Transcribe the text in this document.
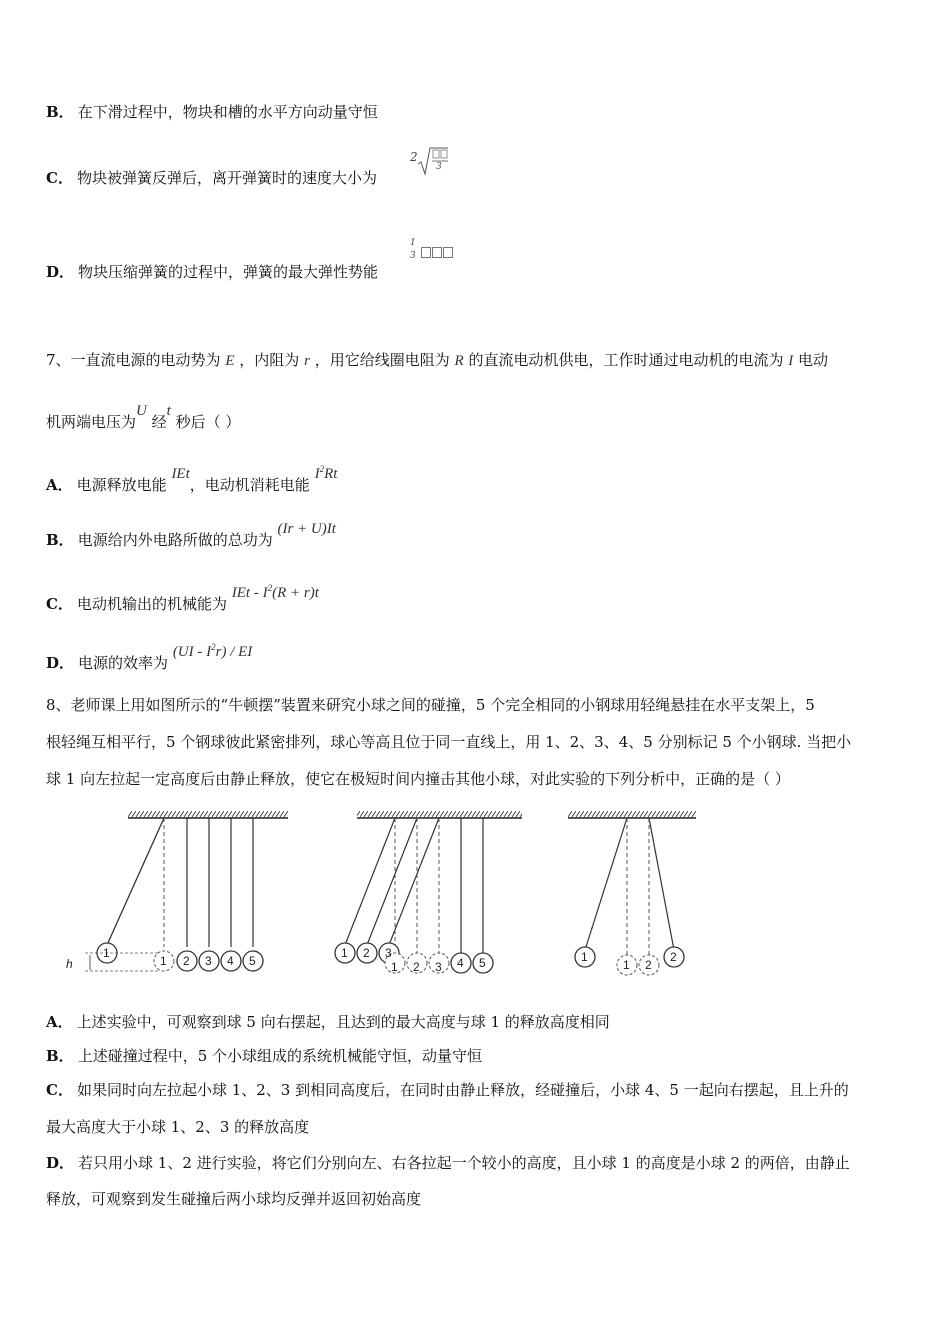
B． 在下滑过程中，物块和槽的水平方向动量守恒
C． 物块被弹簧反弹后，离开弹簧时的速度大小为
2
3
D． 物块压缩弹簧的过程中，弹簧的最大弹性势能
1
3
7、一直流电源的电动势为 E ，内阻为 r ，用它给线圈电阻为 R 的直流电动机供电，工作时通过电动机的电流为 I 电动
机两端电压为U 经t 秒后（ ）
A． 电源释放电能 IEt，电动机消耗电能 $I^2Rt$
B． 电源给内外电路所做的总功为 (Ir + U)It
C． 电动机输出的机械能为 IEt - $I^2(R + r)t$
D． 电源的效率为 $(UI - I^2r)$ / EI
8、老师课上用如图所示的“牛顿摆”装置来研究小球之间的碰撞，5 个完全相同的小钢球用轻绳悬挂在水平支架上，5
根轻绳互相平行，5 个钢球彼此紧密排列，球心等高且位于同一直线上，用 1、2、3、4、5 分别标记 5 个小钢球. 当把小
球 1 向左拉起一定高度后由静止释放，使它在极短时间内撞击其他小球，对此实验的下列分析中，正确的是（ ）
h
1
1 2 3 4 5
1 2 3
1 2 3 4 5	1
1 2
2
A． 上述实验中，可观察到球 5 向右摆起，且达到的最大高度与球 1 的释放高度相同
B． 上述碰撞过程中，5 个小球组成的系统机械能守恒，动量守恒
C． 如果同时向左拉起小球 1、2、3 到相同高度后，在同时由静止释放，经碰撞后，小球 4、5 一起向右摆起，且上升的
最大高度大于小球 1、2、3 的释放高度
D． 若只用小球 1、2 进行实验，将它们分别向左、右各拉起一个较小的高度，且小球 1 的高度是小球 2 的两倍，由静止
释放，可观察到发生碰撞后两小球均反弹并返回初始高度
